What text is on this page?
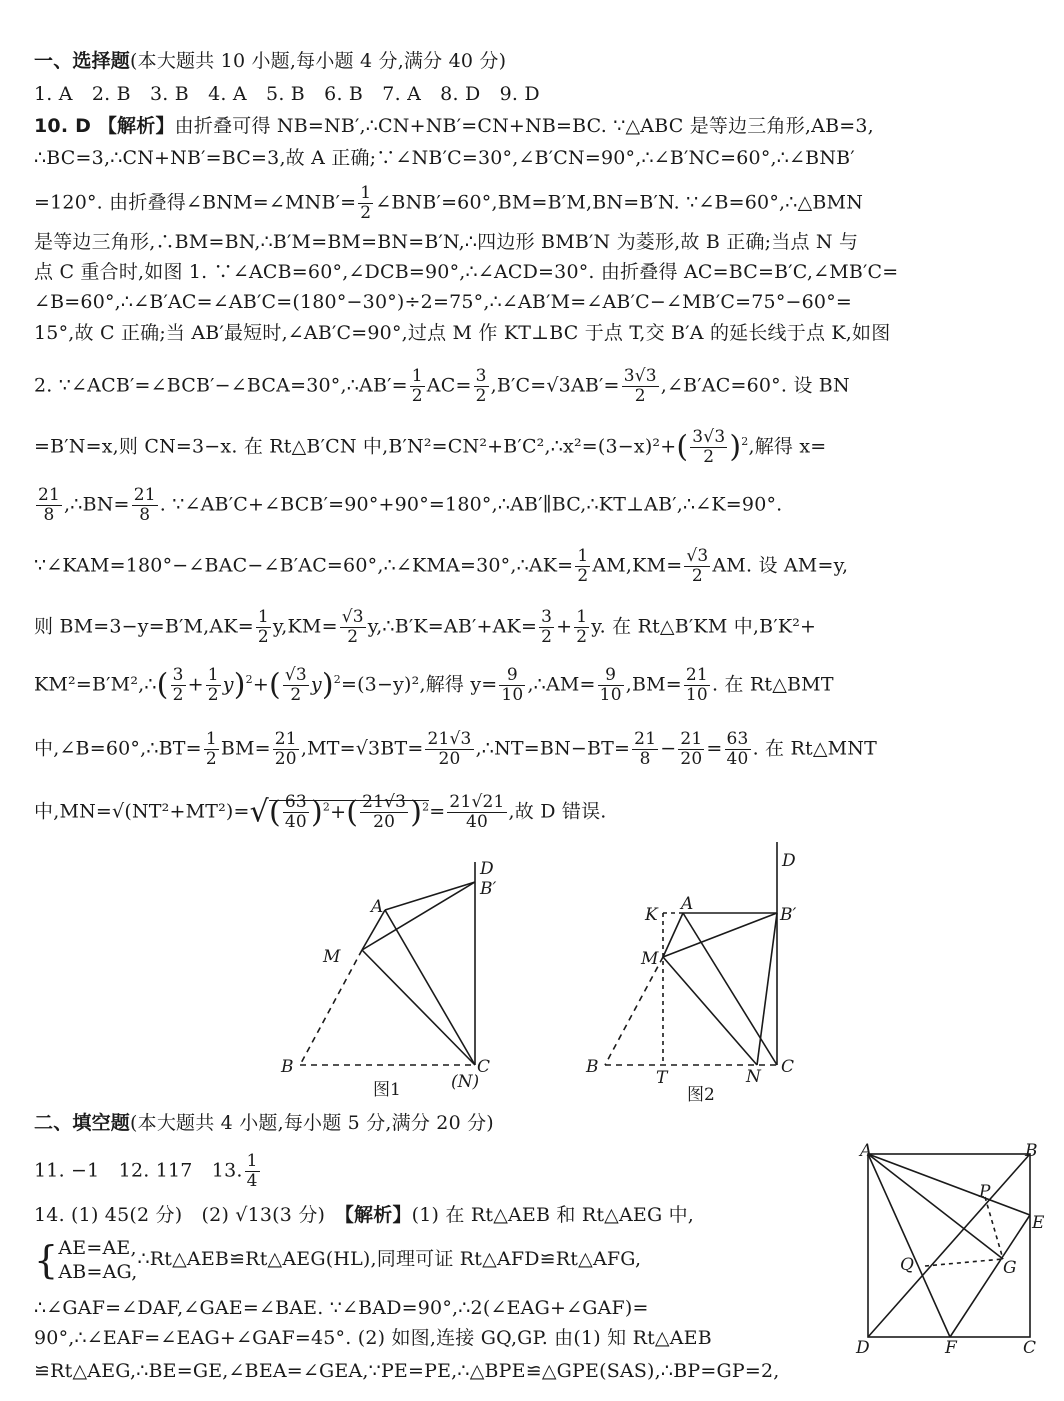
一、选择题(本大题共 10 小题,每小题 4 分,满分 40 分)
1. A　2. B　3. B　4. A　5. B　6. B　7. A　8. D　9. D
10. D 【解析】由折叠可得 NB=NB′,∴CN+NB′=CN+NB=BC. ∵△ABC 是等边三角形,AB=3,
∴BC=3,∴CN+NB′=BC=3,故 A 正确;∵∠NB′C=30°,∠B′CN=90°,∴∠B′NC=60°,∴∠BNB′
=120°. 由折叠得∠BNM=∠MNB′= $\frac{1}{2}$ ∠BNB′=60°,BM=B′M,BN=B′N. ∵∠B=60°,∴△BMN
是等边三角形,∴BM=BN,∴B′M=BM=BN=B′N,∴四边形 BMB′N 为菱形,故 B 正确;当点 N 与
点 C 重合时,如图 1. ∵∠ACB=60°,∠DCB=90°,∴∠ACD=30°. 由折叠得 AC=BC=B′C,∠MB′C=
∠B=60°,∴∠B′AC=∠AB′C=(180°−30°)÷2=75°,∴∠AB′M=∠AB′C−∠MB′C=75°−60°=
15°,故 C 正确;当 AB′最短时,∠AB′C=90°,过点 M 作 KT⊥BC 于点 T,交 B′A 的延长线于点 K,如图
2. ∵∠ACB′=∠BCB′−∠BCA=30°,∴AB′= $\frac{1}{2} AC= \frac{3}{2} ,B'C=√3AB'= \frac{3√3}{2}$ ,∠B′AC=60°. 设 BN
=B′N=x,则 CN=3−x. 在 Rt△B′CN 中,B′N²=CN²+B′C²,∴x²=(3−x)²+( $\frac{3√3}{2} )^2$,解得 x=
$\frac{21}{8}$ ,∴BN= $\frac{21}{8}$ . ∵∠AB′C+∠BCB′=90°+90°=180°,∴AB′∥BC,∴KT⊥AB′,∴∠K=90°.
∵∠KAM=180°−∠BAC−∠B′AC=60°,∴∠KMA=30°,∴AK= $\frac{1}{2} AM,KM= \frac{√3}{2}$ AM. 设 AM=y,
则 $BM=3-y=B'M,AK= \frac{1}{2} y,KM= \frac{√3}{2}$ y,∴B′K=AB′+AK= $\frac{3}{2} + \frac{1}{2} y$. 在 Rt△B′KM 中,B′K²+
KM²=B′M²,∴( $\frac{3}{2} + \frac{1}{2} y)^2+( \frac{√3}{2} y)^2=(3-y)^2$,解得 $y= \frac{9}{10}$ ,∴AM= $\frac{9}{10} ,BM= \frac{21}{10}$ . 在 Rt△BMT
中,∠B=60°,∴BT= $\frac{1}{2} BM= \frac{21}{20} ,MT=√3BT= \frac{21√3}{20}$ ,∴NT=BN−BT= $\frac{21}{8} - \frac{21}{20} = \frac{63}{40}$ . 在 Rt△MNT
中$,MN=√(NT^2+MT^2)=√( \frac{63}{40} )^2+( \frac{21√3}{20} )^2= \frac{21√21}{40}$ ,故 D 错误.
D
B′
A
M
B	C
(N)
图1
D
K
A
B′
M
B
T	N C
图2
二、填空题(本大题共 4 小题,每小题 5 分,满分 20 分)
11. −1　12. 117　13. $\frac{1}{4}$
14. (1) 45(2 分)　(2) √13(3 分)　【解析】(1) 在 Rt△AEB 和 Rt△AEG 中,
{ AE=AE,
AB=AG,
∴Rt△AEB≌Rt△AEG(HL),同理可证 Rt△AFD≌Rt△AFG,
∴∠GAF=∠DAF,∠GAE=∠BAE. ∵∠BAD=90°,∴2(∠EAG+∠GAF)=
90°,∴∠EAF=∠EAG+∠GAF=45°. (2) 如图,连接 GQ,GP. 由(1) 知 Rt△AEB
≌Rt△AEG,∴BE=GE,∠BEA=∠GEA,∵PE=PE,∴△BPE≌△GPE(SAS),∴BP=GP=2,
A	B
P
E
Q	G
D	F	C
